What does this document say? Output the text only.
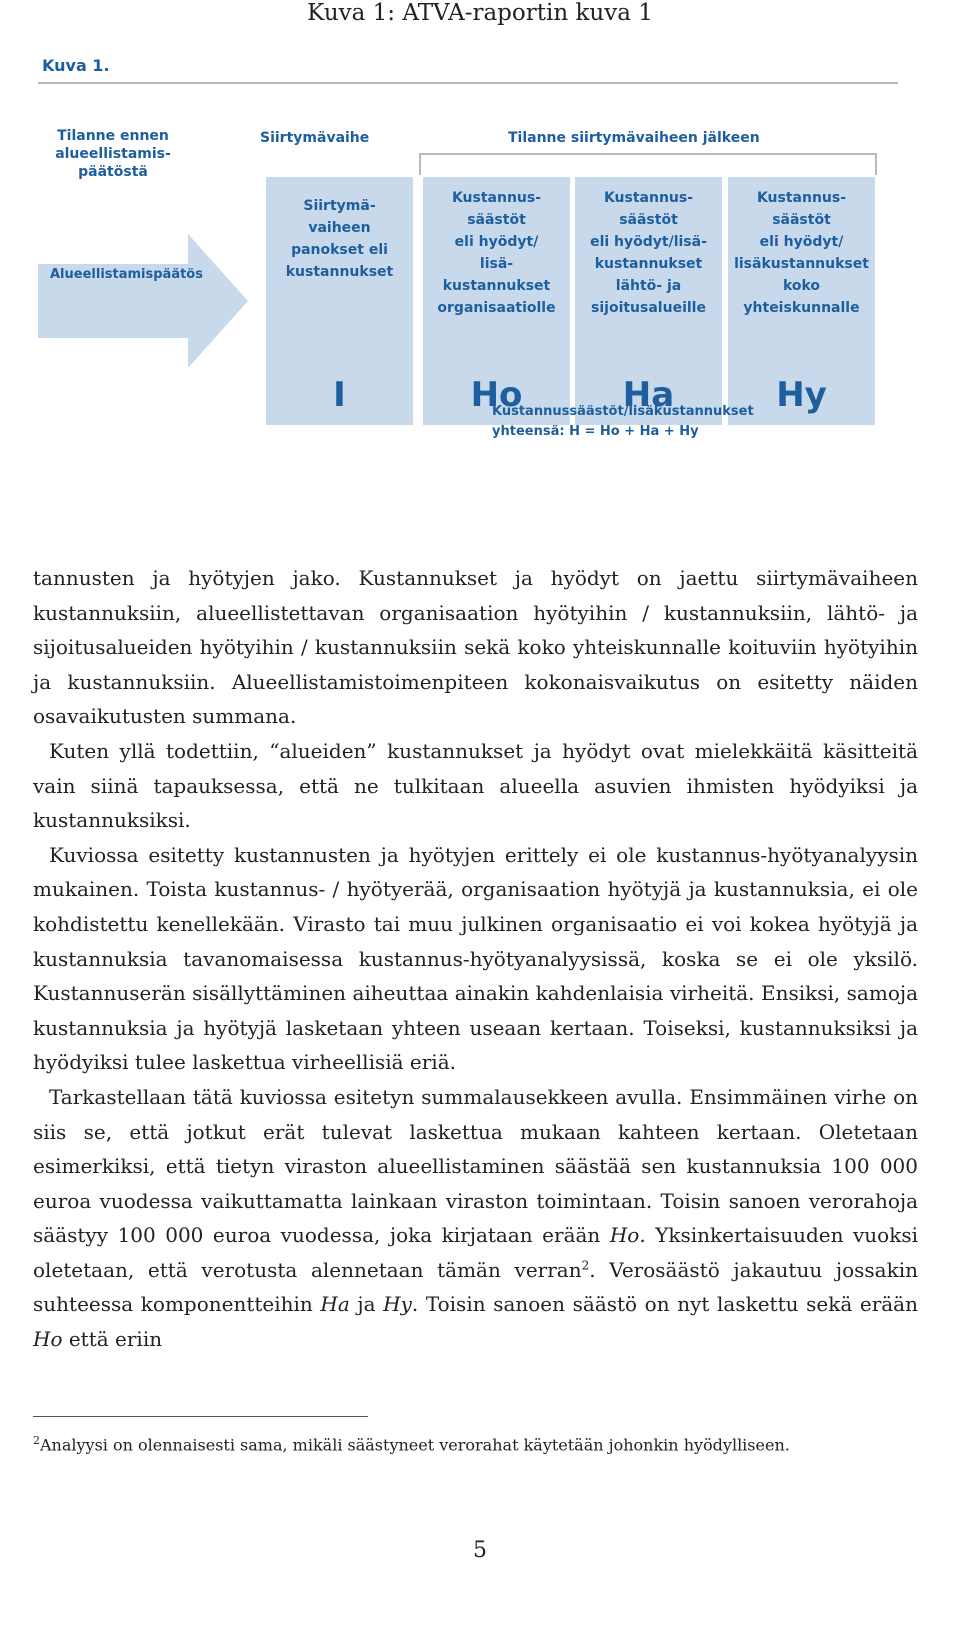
Kuva 1: ATVA-raportin kuva 1
Kuva 1.
Tilanne ennen alueellistamis-päätöstä
Siirtymävaihe	Tilanne siirtymävaiheen jälkeen
Alueellistamispäätös
Siirtymä-
vaiheen
panokset eli
kustannukset
I
Kustannus-
säästöt
eli hyödyt/
lisä-
kustannukset
organisaatiolle
Ho
Kustannus-
säästöt
eli hyödyt/lisä-
kustannukset
lähtö- ja
sijoitusalueille
Ha
Kustannus-
säästöt
eli hyödyt/
lisäkustannukset
koko
yhteiskunnalle
Hy
Kustannussäästöt/lisäkustannukset
yhteensä: H = Ho + Ha + Hy

tannusten ja hyötyjen jako. Kustannukset ja hyödyt on jaettu siirtymävaiheen kustannuksiin, alueellistettavan organisaation hyötyihin / kustannuksiin, lähtö- ja sijoitusalueiden hyötyihin / kustannuksiin sekä koko yhteiskunnalle koituviin hyötyihin ja kustannuksiin. Alueellistamistoimenpiteen kokonaisvaikutus on esitetty näiden osavaikutusten summana.

Kuten yllä todettiin, “alueiden” kustannukset ja hyödyt ovat mielekkäitä käsitteitä vain siinä tapauksessa, että ne tulkitaan alueella asuvien ihmisten hyödyiksi ja kustannuksiksi.

Kuviossa esitetty kustannusten ja hyötyjen erittely ei ole kustannus-hyötyanalyysin mukainen. Toista kustannus- / hyötyerää, organisaation hyötyjä ja kustannuksia, ei ole kohdistettu kenellekään. Virasto tai muu julkinen organisaatio ei voi kokea hyötyjä ja kustannuksia tavanomaisessa kustannus-hyötyanalyysissä, koska se ei ole yksilö. Kustannuserän sisällyttäminen aiheuttaa ainakin kahdenlaisia virheitä. Ensiksi, samoja kustannuksia ja hyötyjä lasketaan yhteen useaan kertaan. Toiseksi, kustannuksiksi ja hyödyiksi tulee laskettua virheellisiä eriä.

Tarkastellaan tätä kuviossa esitetyn summalausekkeen avulla. Ensimmäinen virhe on siis se, että jotkut erät tulevat laskettua mukaan kahteen kertaan. Oletetaan esimerkiksi, että tietyn viraston alueellistaminen säästää sen kustannuksia 100 000 euroa vuodessa vaikuttamatta lainkaan viraston toimintaan. Toisin sanoen verorahoja säästyy 100 000 euroa vuodessa, joka kirjataan erään Ho. Yksinkertaisuuden vuoksi oletetaan, että verotusta alennetaan tämän verran$^2$. Verosäästö jakautuu jossakin suhteessa komponentteihin Ha ja Hy. Toisin sanoen säästö on nyt laskettu sekä erään Ho että eriin

$^2$Analyysi on olennaisesti sama, mikäli säästyneet verorahat käytetään johonkin hyödylliseen.
5
